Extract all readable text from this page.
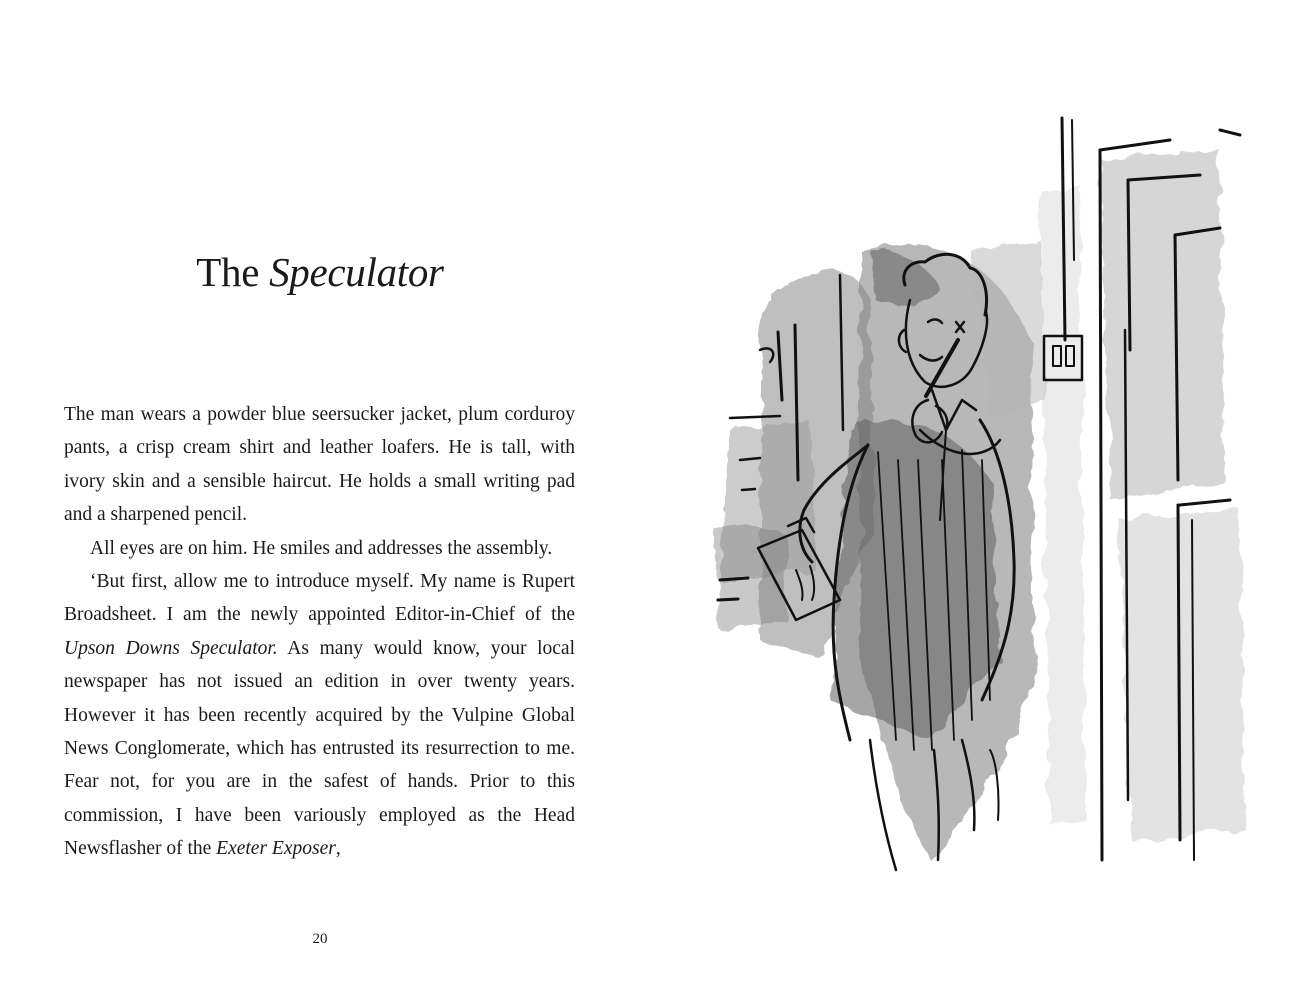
The Speculator

The man wears a powder blue seersucker jacket, plum corduroy pants, a crisp cream shirt and leather loafers. He is tall, with ivory skin and a sensible haircut. He holds a small writing pad and a sharpened pencil.

All eyes are on him. He smiles and addresses the assembly.

‘But first, allow me to introduce myself. My name is Rupert Broadsheet. I am the newly appointed Editor-in-Chief of the Upson Downs Speculator. As many would know, your local newspaper has not issued an edition in over twenty years. However it has been recently acquired by the Vulpine Global News Conglomerate, which has entrusted its resurrection to me. Fear not, for you are in the safest of hands. Prior to this commission, I have been variously employed as the Head Newsflasher of the Exeter Exposer,

20
